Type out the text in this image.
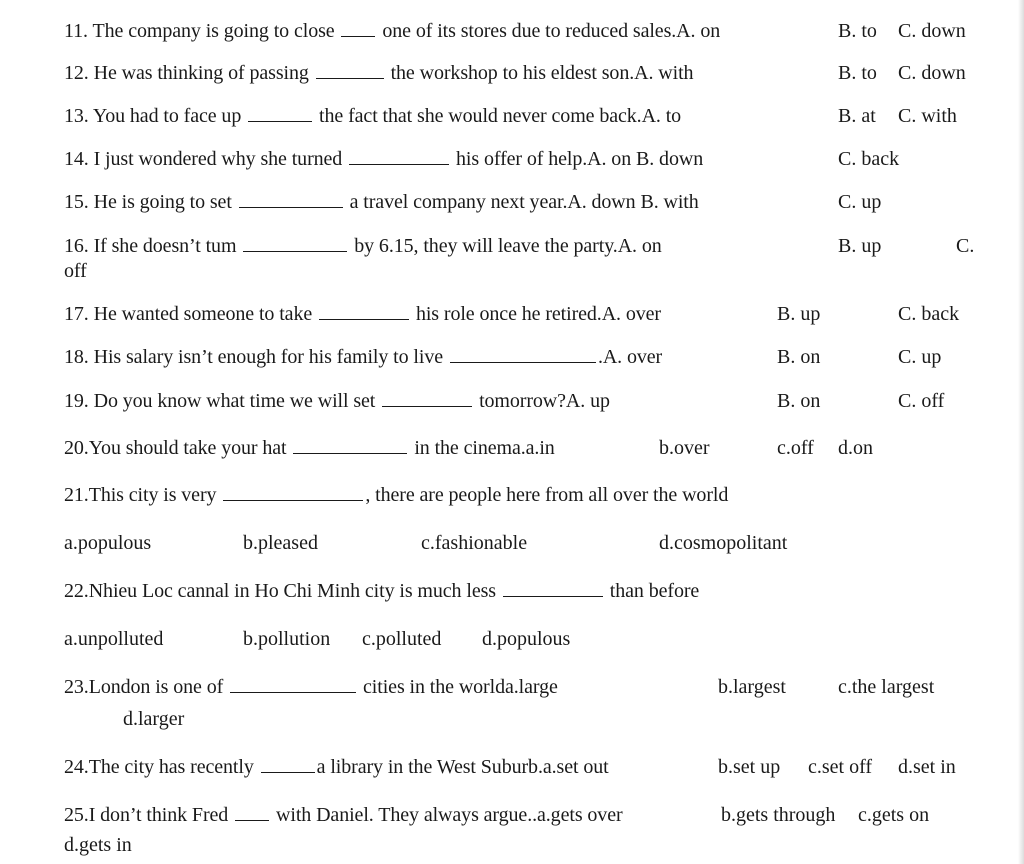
11. The company is going to close one of its stores due to reduced sales.A. on	B. to C. down
12. He was thinking of passing	the workshop to his eldest son.A. with	B. to C. down
13. You had to face up	the fact that she would never come back.A. to	B. at C. with
14. I just wondered why she turned	his offer of help.A. on B. down	C. back
15. He is going to set	a travel company next year.A. down B. with	C. up
16. If she doesn’t tum	by 6.15, they will leave the party.A. on	B. up	C.
off
17. He wanted someone to take	his role once he retired.A. over	B. up	C. back
18. His salary isn’t enough for his family to live	.A. over	B. on	C. up
19. Do you know what time we will set	tomorrow?A. up	B. on	C. off
20.You should take your hat	in the cinema.a.in	b.over	c.off d.on
21.This city is very	, there are people here from all over the world
a.populous	b.pleased	c.fashionable	d.cosmopolitant
22.Nhieu Loc cannal in Ho Chi Minh city is much less	than before
a.unpolluted	b.pollution c.polluted d.populous
23.London is one of	cities in the worlda.large	b.largest	c.the largest
d.larger
24.The city has recently	a library in the West Suburb.a.set out	b.set up c.set off d.set in
25.I don’t think Fred with Daniel. They always argue..a.gets over	b.gets through c.gets on
d.gets in
